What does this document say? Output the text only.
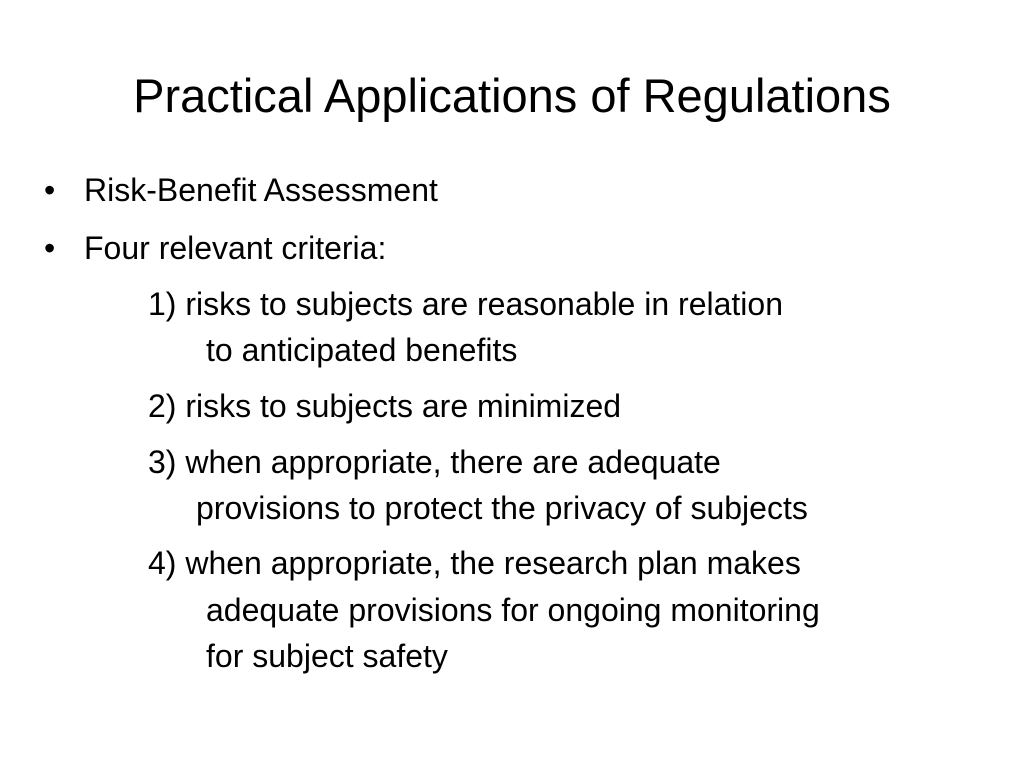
Practical Applications of Regulations
• Risk-Benefit Assessment
• Four relevant criteria:
1) risks to subjects are reasonable in relation
to anticipated benefits
2) risks to subjects are minimized
3) when appropriate, there are adequate
provisions to protect the privacy of subjects
4) when appropriate, the research plan makes
adequate provisions for ongoing monitoring
for subject safety
